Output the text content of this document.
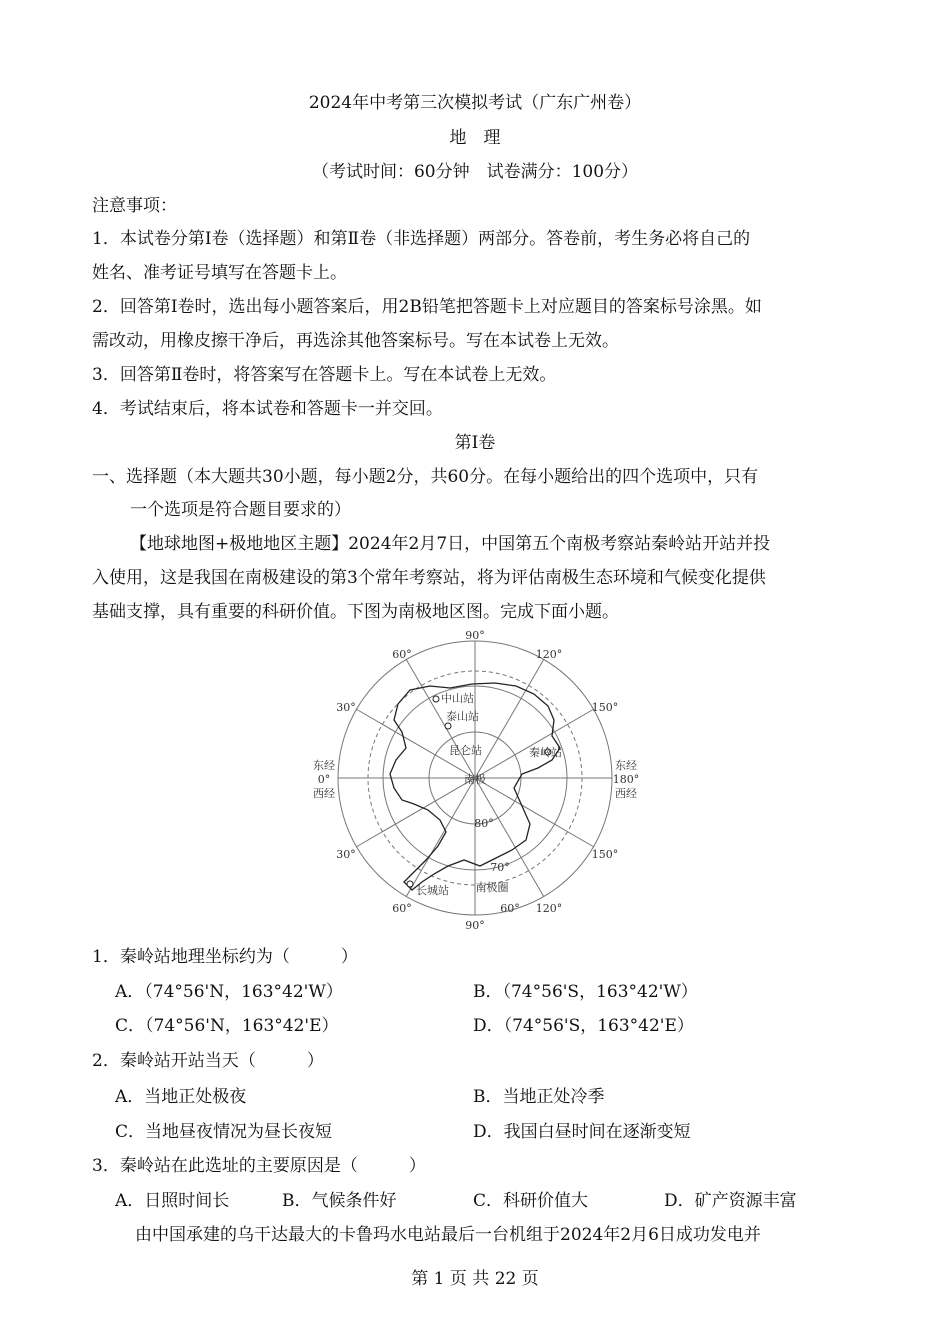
2024年中考第三次模拟考试（广东广州卷）
地　理
（考试时间：60分钟　试卷满分：100分）
注意事项：
1．本试卷分第Ⅰ卷（选择题）和第Ⅱ卷（非选择题）两部分。答卷前，考生务必将自己的
姓名、准考证号填写在答题卡上。
2．回答第Ⅰ卷时，选出每小题答案后，用2B铅笔把答题卡上对应题目的答案标号涂黑。如
需改动，用橡皮擦干净后，再选涂其他答案标号。写在本试卷上无效。
3．回答第Ⅱ卷时，将答案写在答题卡上。写在本试卷上无效。
4．考试结束后，将本试卷和答题卡一并交回。
第Ⅰ卷
一、选择题（本大题共30小题，每小题2分，共60分。在每小题给出的四个选项中，只有
一个选项是符合题目要求的）
【地球地图+极地地区主题】2024年2月7日，中国第五个南极考察站秦岭站开站并投
入使用，这是我国在南极建设的第3个常年考察站，将为评估南极生态环境和气候变化提供
基础支撑，具有重要的科研价值。下图为南极地区图。完成下面小题。
90°
60°	120°
30°	150°
东经
0°
西经
东经
180°
西经
30°	150°
60°
90°
60° 120°
80°
70°
南极圈
南极
中山站
泰山站
昆仑站	秦岭站
长城站
1．秦岭站地理坐标约为（　　　）
A．（74°56'N，163°42'W）	B．（74°56'S，163°42'W）
C．（74°56'N，163°42'E）	D．（74°56'S，163°42'E）
2．秦岭站开站当天（　　　）
A．当地正处极夜	B．当地正处冷季
C．当地昼夜情况为昼长夜短	D．我国白昼时间在逐渐变短
3．秦岭站在此选址的主要原因是（　　　）
A．日照时间长	B．气候条件好	C．科研价值大	D．矿产资源丰富
由中国承建的乌干达最大的卡鲁玛水电站最后一台机组于2024年2月6日成功发电并
第 1 页 共 22 页
